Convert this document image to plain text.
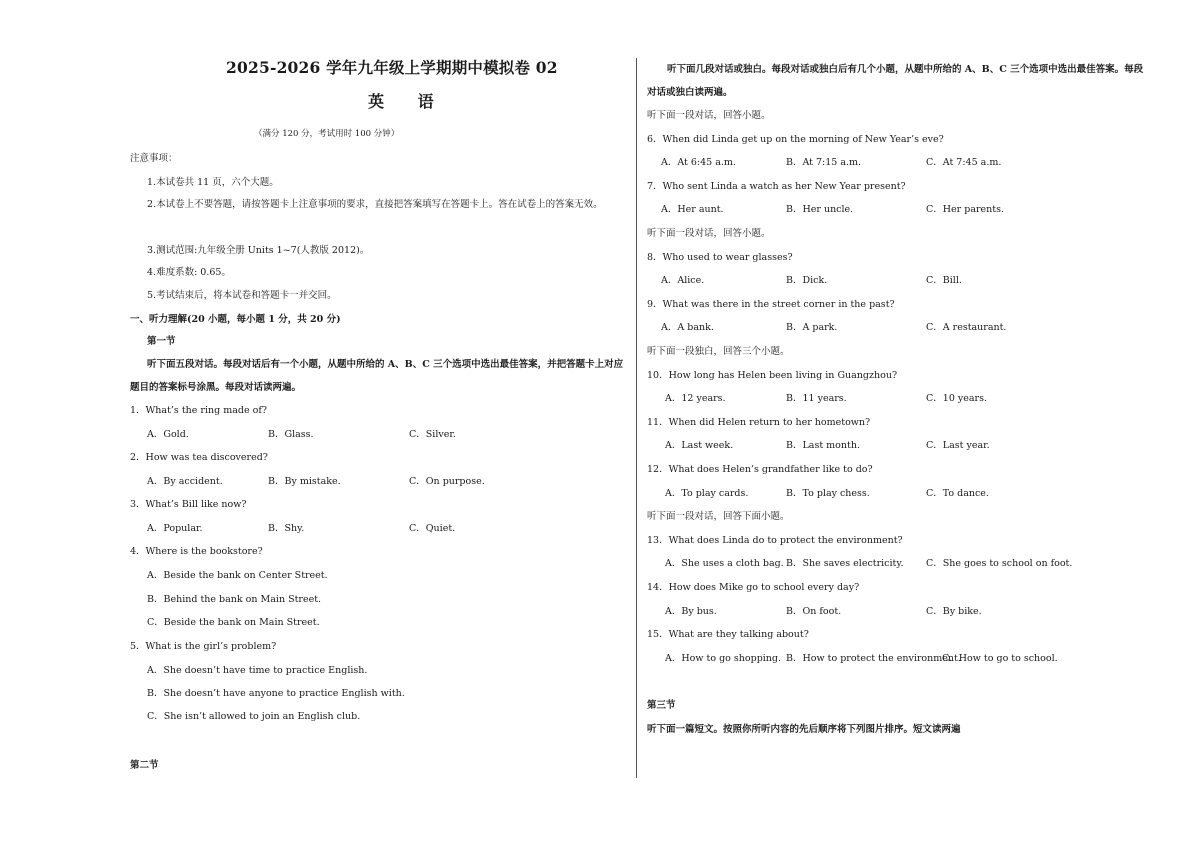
2025-2026 学年九年级上学期期中模拟卷 02
英 语
（满分 120 分，考试用时 100 分钟）
注意事项：
1.本试卷共 11 页，六个大题。
2.本试卷上不要答题，请按答题卡上注意事项的要求，直接把答案填写在答题卡上。答在试卷上的答案无效。
3.测试范围:九年级全册 Units 1~7(人教版 2012)。
4.难度系数: 0.65。
5.考试结束后，将本试卷和答题卡一并交回。
一、听力理解(20 小题，每小题 1 分，共 20 分)
第一节
听下面五段对话。每段对话后有一个小题，从题中所给的 A、B、C 三个选项中选出最佳答案，并把答题卡上对应题目的答案标号涂黑。每段对话读两遍。
1．What’s the ring made of?
A．Gold.	B．Glass.	C．Silver.
2．How was tea discovered?
A．By accident.	B．By mistake.	C．On purpose.
3．What’s Bill like now?
A．Popular.	B．Shy.	C．Quiet.
4．Where is the bookstore?
A．Beside the bank on Center Street.
B．Behind the bank on Main Street.
C．Beside the bank on Main Street.
5．What is the girl’s problem?
A．She doesn’t have time to practice English.
B．She doesn’t have anyone to practice English with.
C．She isn’t allowed to join an English club.
第二节
听下面几段对话或独白。每段对话或独白后有几个小题，从题中所给的 A、B、C 三个选项中选出最佳答案。每段对话或独白读两遍。
听下面一段对话，回答小题。
6．When did Linda get up on the morning of New Year’s eve?
A．At 6:45 a.m.	B．At 7:15 a.m.	C．At 7:45 a.m.
7．Who sent Linda a watch as her New Year present?
A．Her aunt.	B．Her uncle.	C．Her parents.
听下面一段对话，回答小题。
8．Who used to wear glasses?
A．Alice.	B．Dick.	C．Bill.
9．What was there in the street corner in the past?
A．A bank.	B．A park.	C．A restaurant.
听下面一段独白，回答三个小题。
10．How long has Helen been living in Guangzhou?
A．12 years.	B．11 years.	C．10 years.
11．When did Helen return to her hometown?
A．Last week.	B．Last month.	C．Last year.
12．What does Helen’s grandfather like to do?
A．To play cards.	B．To play chess.	C．To dance.
听下面一段对话，回答下面小题。
13．What does Linda do to protect the environment?
A．She uses a cloth bag. B．She saves electricity. C．She goes to school on foot.
14．How does Mike go to school every day?
A．By bus.	B．On foot.	C．By bike.
15．What are they talking about?
A．How to go shopping. B．How to protect the environment.
C．How to go to school.
第三节
听下面一篇短文。按照你所听内容的先后顺序将下列图片排序。短文读两遍
